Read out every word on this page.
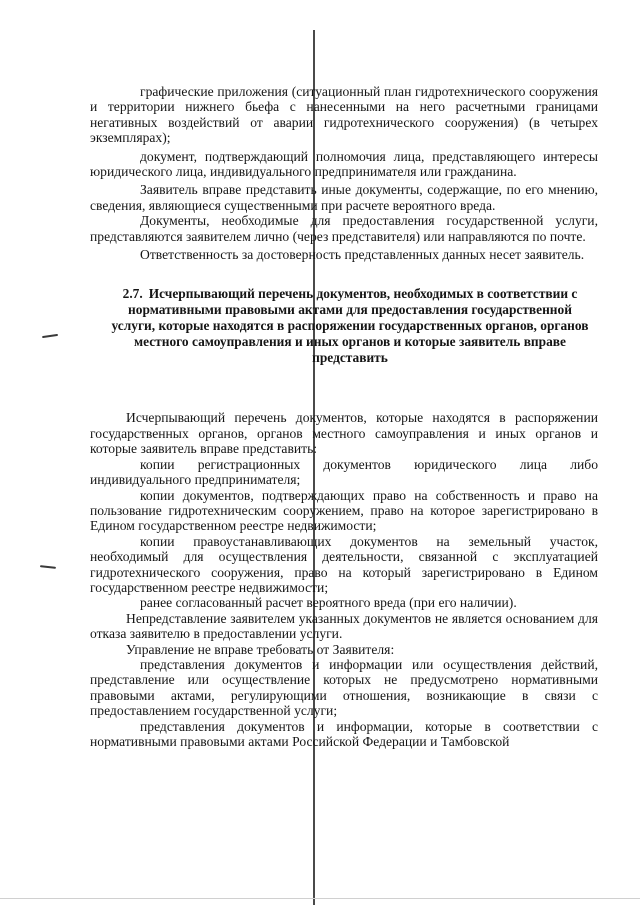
графические приложения (ситуационный план гидротехнического сооружения и территории нижнего бьефа с нанесенными на него расчетными границами негативных воздействий от аварии гидротехнического сооружения) (в четырех экземплярах);

документ, подтверждающий полномочия лица, представляющего интересы юридического лица, индивидуального предпринимателя или гражданина.

Заявитель вправе представить иные документы, содержащие, по его мнению, сведения, являющиеся существенными при расчете вероятного вреда.

Документы, необходимые для предоставления государственной услуги, представляются заявителем лично (через представителя) или направляются по почте.

Ответственность за достоверность представленных данных несет заявитель.

2.7. Исчерпывающий перечень документов, необходимых в соответствии с нормативными правовыми актами для предоставления государственной услуги, которые находятся в распоряжении государственных органов, органов местного самоуправления и иных органов и которые заявитель вправе представить

Исчерпывающий перечень документов, которые находятся в распоряжении государственных органов, органов местного самоуправления и иных органов и которые заявитель вправе представить:

копии регистрационных документов юридического лица либо индивидуального предпринимателя;

копии документов, подтверждающих право на собственность и право на пользование гидротехническим сооружением, право на которое зарегистрировано в Едином государственном реестре недвижимости;

копии правоустанавливающих документов на земельный участок, необходимый для осуществления деятельности, связанной с эксплуатацией гидротехнического сооружения, право на который зарегистрировано в Едином государственном реестре недвижимости;

ранее согласованный расчет вероятного вреда (при его наличии).

Непредставление заявителем указанных документов не является основанием для отказа заявителю в предоставлении услуги.

Управление не вправе требовать от Заявителя:

представления документов и информации или осуществления действий, представление или осуществление которых не предусмотрено нормативными правовыми актами, регулирующими отношения, возникающие в связи с предоставлением государственной услуги;

представления документов и информации, которые в соответствии с нормативными правовыми актами Российской Федерации и Тамбовской
